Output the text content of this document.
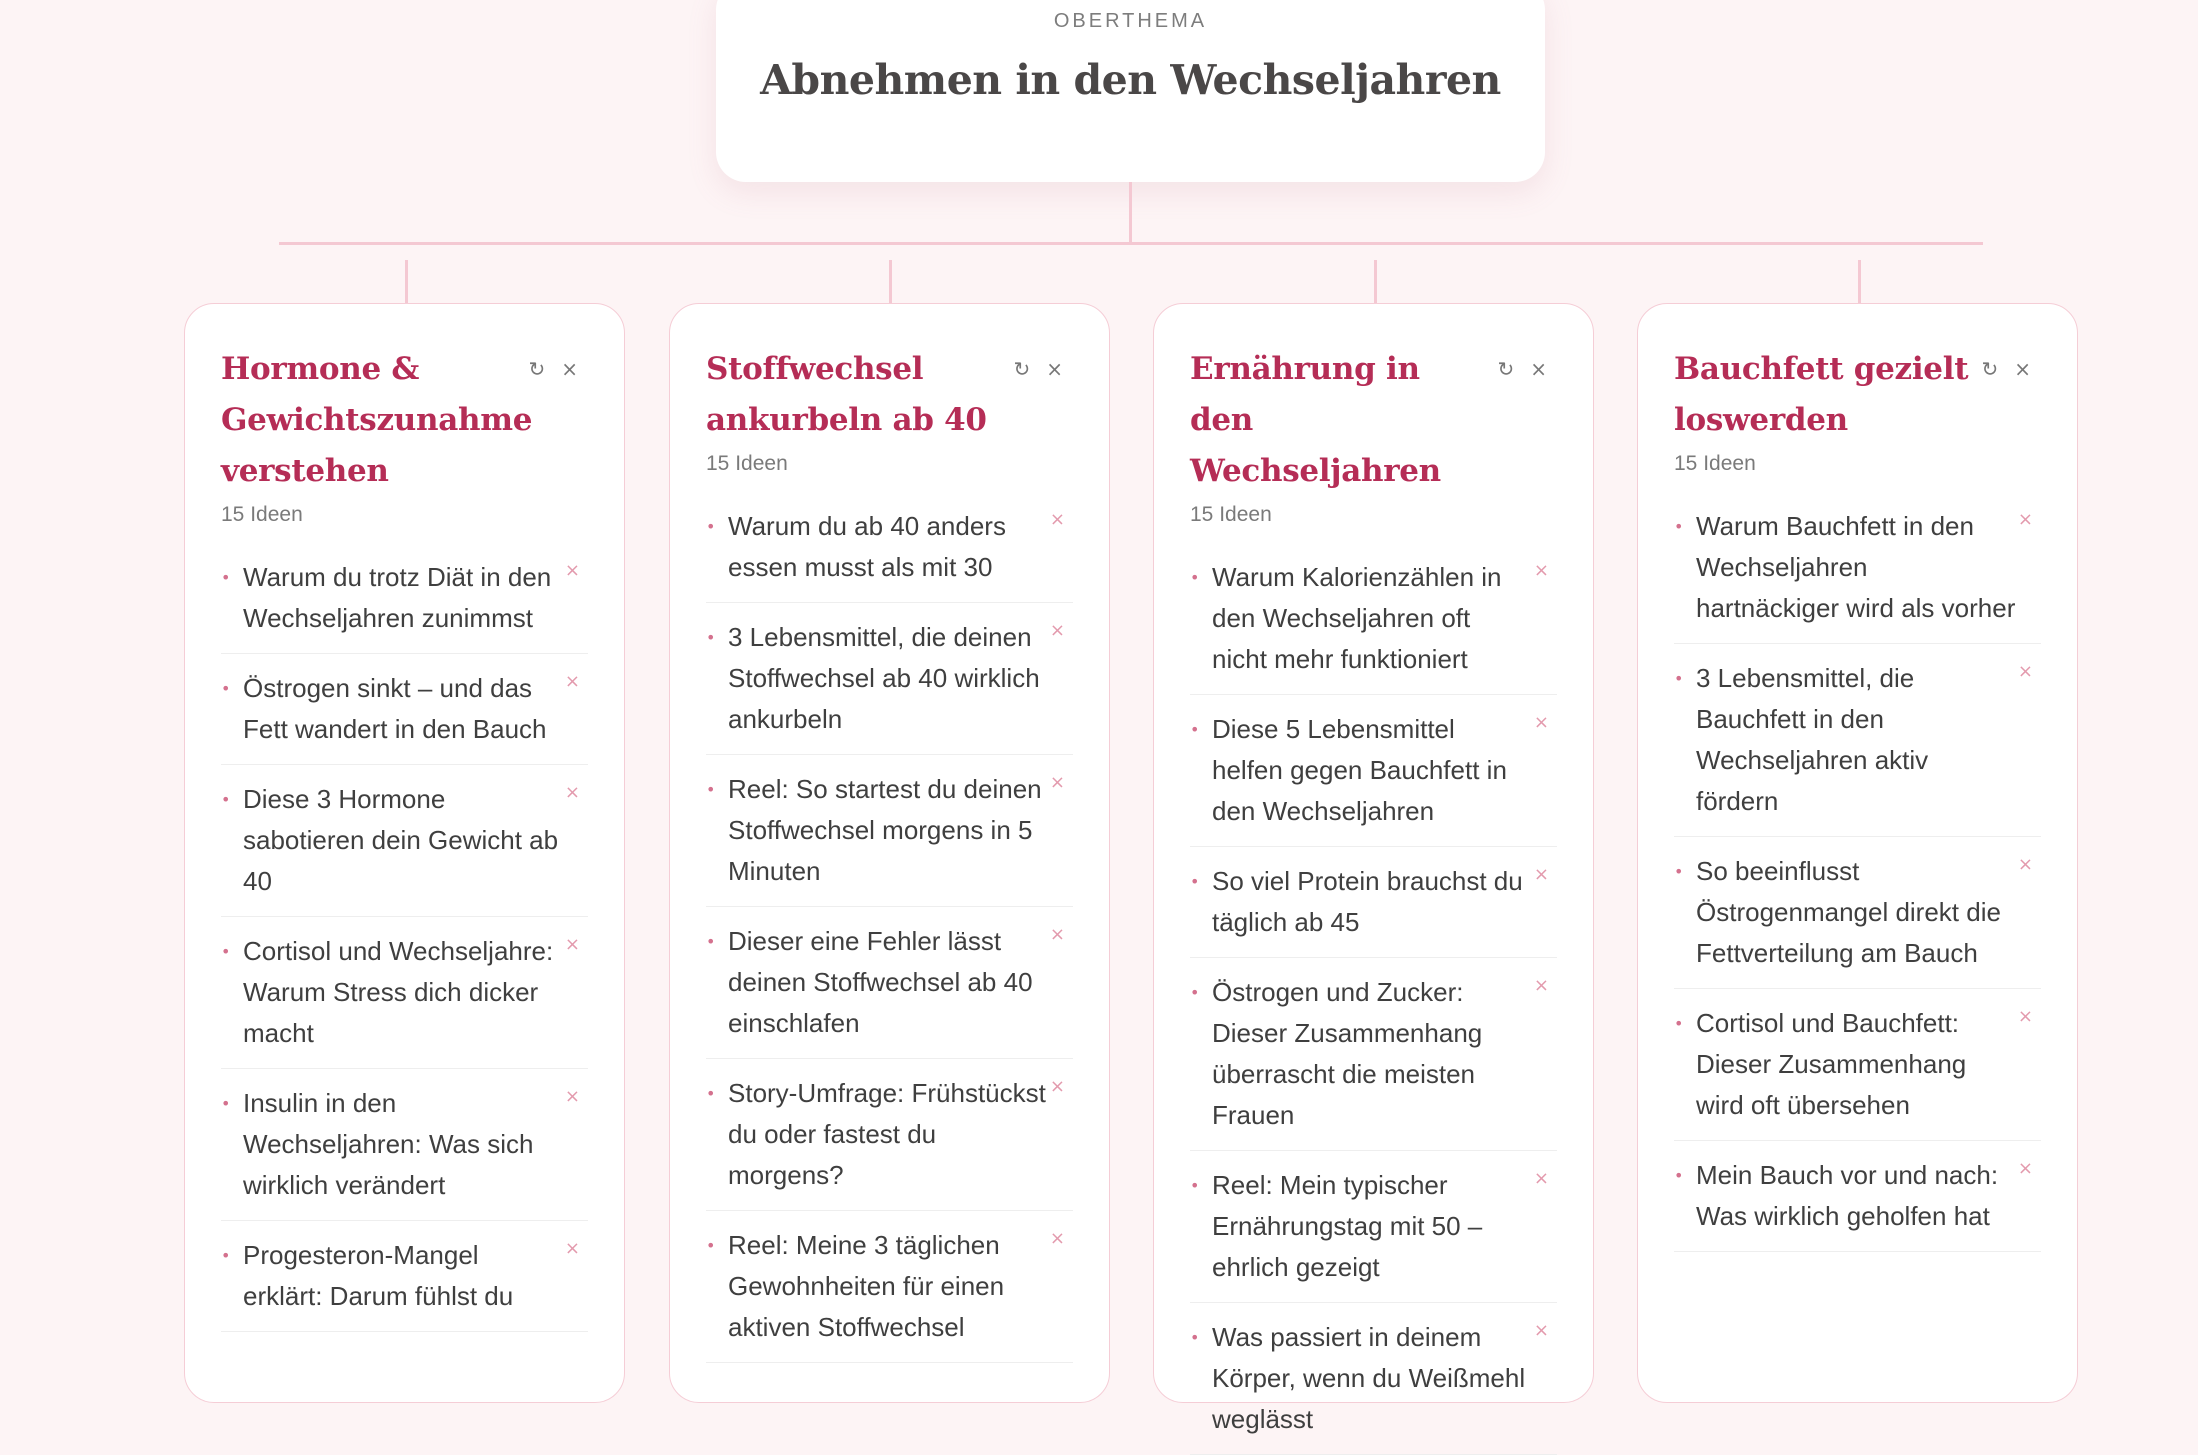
OBERTHEMA
Abnehmen in den Wechseljahren
Hormone & Gewichtszunahme verstehen
↻ ×
15 Ideen
• Warum du trotz Diät in den Wechseljahren zunimmst
×
• Östrogen sinkt – und das Fett wandert in den Bauch
×
• Diese 3 Hormone sabotieren dein Gewicht ab 40
×
• Cortisol und Wechseljahre: Warum Stress dich dicker macht
×
• Insulin in den Wechseljahren: Was sich wirklich verändert
×
• Progesteron-Mangel erklärt: Darum fühlst du
×
Stoffwechsel ankurbeln ab 40
↻ ×
15 Ideen
• Warum du ab 40 anders essen musst als mit 30
×
• 3 Lebensmittel, die deinen Stoffwechsel ab 40 wirklich ankurbeln
×
• Reel: So startest du deinen Stoffwechsel morgens in 5 Minuten
×
• Dieser eine Fehler lässt deinen Stoffwechsel ab 40 einschlafen
×
• Story-Umfrage: Frühstückst du oder fastest du morgens?
×
• Reel: Meine 3 täglichen Gewohnheiten für einen aktiven Stoffwechsel
×
Ernährung in den Wechseljahren
↻ ×
15 Ideen
• Warum Kalorienzählen in den Wechseljahren oft nicht mehr funktioniert
×
• Diese 5 Lebensmittel helfen gegen Bauchfett in den Wechseljahren
×
• So viel Protein brauchst du täglich ab 45
×
• Östrogen und Zucker: Dieser Zusammenhang überrascht die meisten Frauen
×
• Reel: Mein typischer Ernährungstag mit 50 – ehrlich gezeigt
×
• Was passiert in deinem Körper, wenn du Weißmehl weglässt
×
Bauchfett gezielt loswerden
↻ ×
15 Ideen
• Warum Bauchfett in den Wechseljahren hartnäckiger wird als vorher
×
• 3 Lebensmittel, die Bauchfett in den Wechseljahren aktiv fördern
×
• So beeinflusst Östrogenmangel direkt die Fettverteilung am Bauch
×
• Cortisol und Bauchfett: Dieser Zusammenhang wird oft übersehen
×
• Mein Bauch vor und nach: Was wirklich geholfen hat
×
